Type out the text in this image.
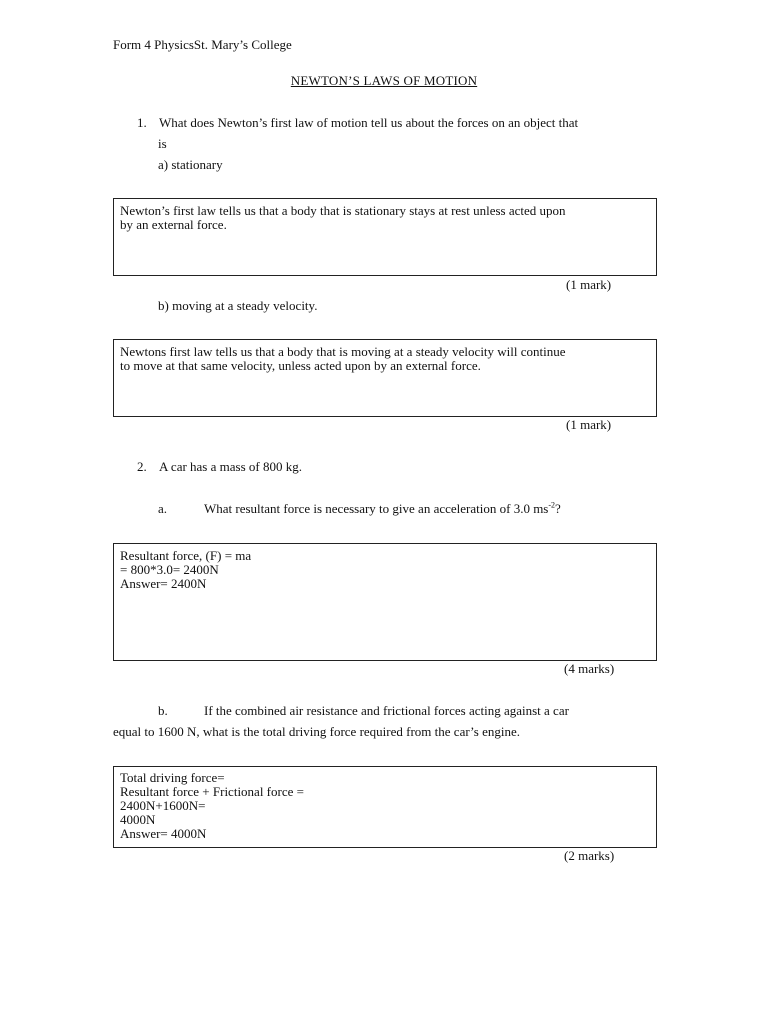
Form 4 PhysicsSt. Mary’s College
NEWTON’S LAWS OF MOTION
1. What does Newton’s first law of motion tell us about the forces on an object that
is
a) stationary
Newton’s first law tells us that a body that is stationary stays at rest unless acted upon
by an external force.
(1 mark)
b) moving at a steady velocity.
Newtons first law tells us that a body that is moving at a steady velocity will continue
to move at that same velocity, unless acted upon by an external force.
(1 mark)
2. A car has a mass of 800 kg.
a.	What resultant force is necessary to give an acceleration of 3.0 $ms^{-2}$?
Resultant force, (F) = ma
= 800*3.0= 2400N
Answer= 2400N
(4 marks)
b.	If the combined air resistance and frictional forces acting against a car
equal to 1600 N, what is the total driving force required from the car’s engine.
Total driving force=
Resultant force + Frictional force =
2400N+1600N=
4000N
Answer= 4000N
(2 marks)
